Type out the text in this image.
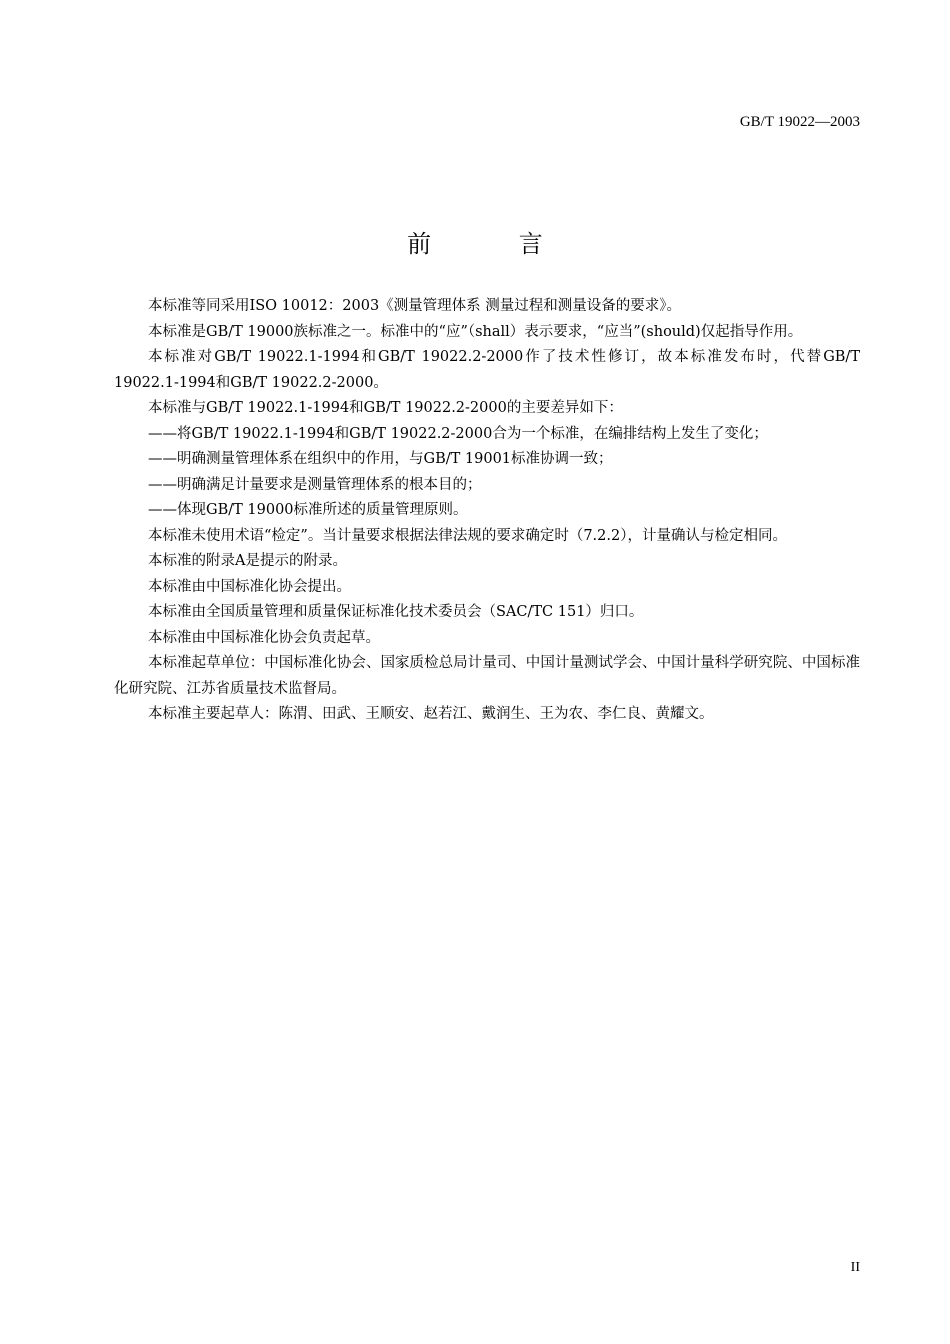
GB/T 19022—2003
前 言

本标准等同采用ISO 10012：2003《测量管理体系 测量过程和测量设备的要求》。

本标准是GB/T 19000族标准之一。标准中的“应”（shall）表示要求，“应当”(should)仅起指导作用。

本标准对GB/T 19022.1-1994和GB/T 19022.2-2000作了技术性修订，故本标准发布时，代替GB/T 19022.1-1994和GB/T 19022.2-2000。

本标准与GB/T 19022.1-1994和GB/T 19022.2-2000的主要差异如下：

——将GB/T 19022.1-1994和GB/T 19022.2-2000合为一个标准，在编排结构上发生了变化；

——明确测量管理体系在组织中的作用，与GB/T 19001标准协调一致；

——明确满足计量要求是测量管理体系的根本目的；

——体现GB/T 19000标准所述的质量管理原则。

本标准未使用术语“检定”。当计量要求根据法律法规的要求确定时（7.2.2），计量确认与检定相同。

本标准的附录A是提示的附录。

本标准由中国标准化协会提出。

本标准由全国质量管理和质量保证标准化技术委员会（SAC/TC 151）归口。

本标准由中国标准化协会负责起草。

本标准起草单位：中国标准化协会、国家质检总局计量司、中国计量测试学会、中国计量科学研究院、中国标准化研究院、江苏省质量技术监督局。

本标准主要起草人：陈渭、田武、王顺安、赵若江、戴润生、王为农、李仁良、黄耀文。

II
